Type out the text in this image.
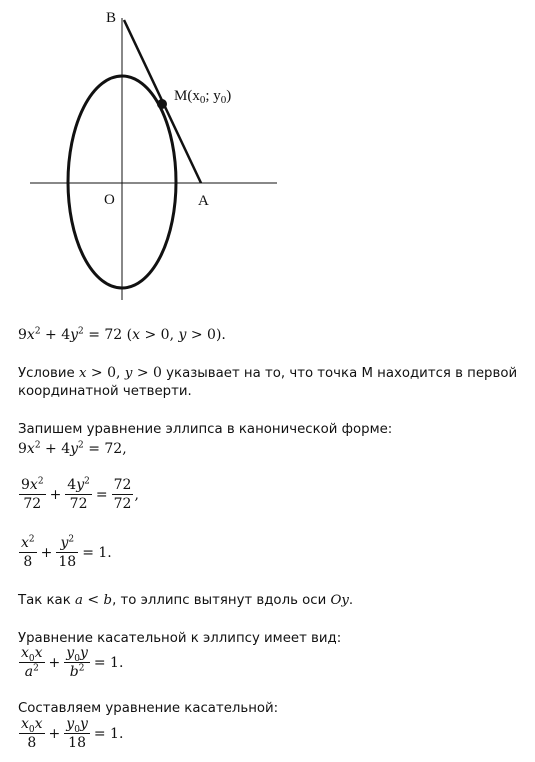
B
O	A
$M(x_0$; $y_0$)
$9x^2 + 4y^2 = 72$ (x > 0, y > 0).
Условие x > 0, y > 0 указывает на то, что точка М находится в первой
координатной четверти.
Запишем уравнение эллипса в канонической форме:
$9x^2 + 4y^2 = 72$,
$\frac{9x^2}{72} + \frac{4y^2}{72} = \frac{72}{72}$ ,
$\frac{x^2}{8} + \frac{y^2}{18} = 1$.
Так как a < b, то эллипс вытянут вдоль оси Oy.
Уравнение касательной к эллипсу имеет вид:
$\frac{x_0x}{a^2} + \frac{y_0y}{b^2} = 1$.
Составляем уравнение касательной:
$\frac{x_0x}{8} + \frac{y_0y}{18} = 1$.
